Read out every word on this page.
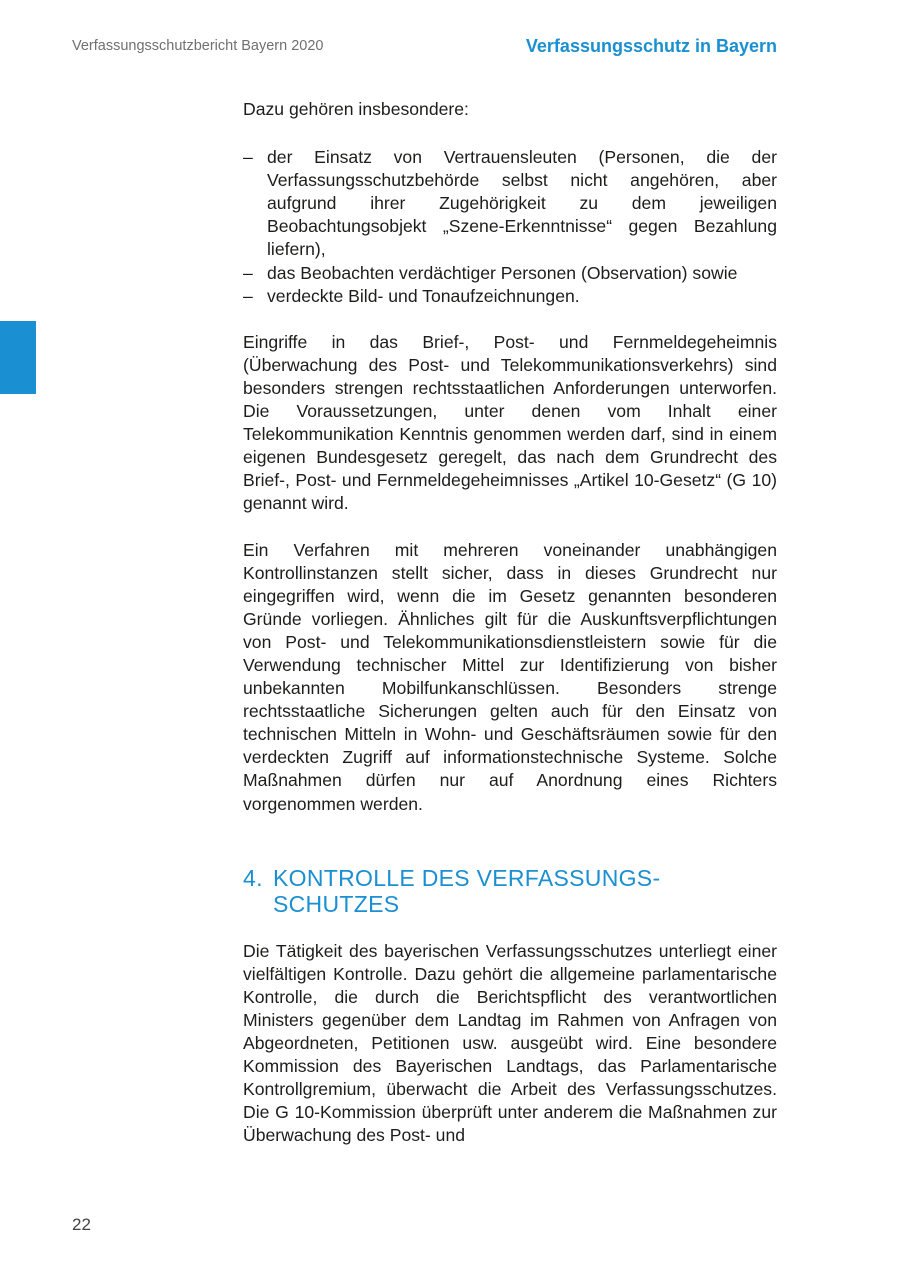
Verfassungsschutzbericht Bayern 2020	Verfassungsschutz in Bayern

Dazu gehören insbesondere:

– der Einsatz von Vertrauensleuten (Personen, die der Verfassungsschutzbehörde selbst nicht angehören, aber aufgrund ihrer Zugehörigkeit zu dem jeweiligen Beobachtungsobjekt „Szene-Erkenntnisse“ gegen Bezahlung liefern),
– das Beobachten verdächtiger Personen (Observation) sowie
– verdeckte Bild- und Tonaufzeichnungen.

Eingriffe in das Brief-, Post- und Fernmeldegeheimnis (Überwachung des Post- und Telekommunikationsverkehrs) sind besonders strengen rechtsstaatlichen Anforderungen unterworfen. Die Voraussetzungen, unter denen vom Inhalt einer Telekommunikation Kenntnis genommen werden darf, sind in einem eigenen Bundesgesetz geregelt, das nach dem Grundrecht des Brief-, Post- und Fernmeldegeheimnisses „Artikel 10-Gesetz“ (G 10) genannt wird.

Ein Verfahren mit mehreren voneinander unabhängigen Kontrollinstanzen stellt sicher, dass in dieses Grundrecht nur eingegriffen wird, wenn die im Gesetz genannten besonderen Gründe vorliegen. Ähnliches gilt für die Auskunftsverpflichtungen von Post- und Telekommunikationsdienstleistern sowie für die Verwendung technischer Mittel zur Identifizierung von bisher unbekannten Mobilfunkanschlüssen. Besonders strenge rechtsstaatliche Sicherungen gelten auch für den Einsatz von technischen Mitteln in Wohn- und Geschäftsräumen sowie für den verdeckten Zugriff auf informationstechnische Systeme. Solche Maßnahmen dürfen nur auf Anordnung eines Richters vorgenommen werden.

4. KONTROLLE DES VERFASSUNGSSCHUTZES

Die Tätigkeit des bayerischen Verfassungsschutzes unterliegt einer vielfältigen Kontrolle. Dazu gehört die allgemeine parlamentarische Kontrolle, die durch die Berichtspflicht des verantwortlichen Ministers gegenüber dem Landtag im Rahmen von Anfragen von Abgeordneten, Petitionen usw. ausgeübt wird. Eine besondere Kommission des Bayerischen Landtags, das Parlamentarische Kontrollgremium, überwacht die Arbeit des Verfassungsschutzes. Die G 10-Kommission überprüft unter anderem die Maßnahmen zur Überwachung des Post- und

22
